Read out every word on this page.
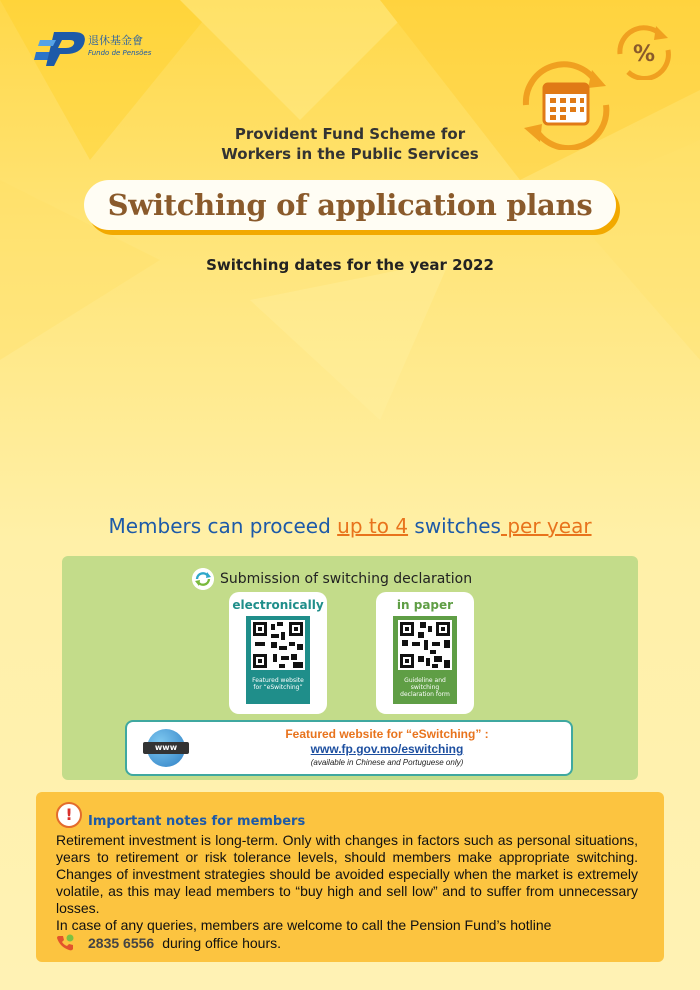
退休基金會
Fundo de Pensões	%
Provident Fund Scheme for
Workers in the Public Services
Switching of application plans
Switching dates for the year 2022
Members can proceed up to 4 switches per year
Submission of switching declaration
electronically
Featured website for “eSwitching”
in paper
Guideline and switching declaration form
www
Featured website for “eSwitching” :
www.fp.gov.mo/eswitching
(available in Chinese and Portuguese only)
!	Important notes for members

Retirement investment is long-term. Only with changes in factors such as personal situations, years to retirement or risk tolerance levels, should members make appropriate switching. Changes of investment strategies should be avoided especially when the market is extremely volatile, as this may lead members to “buy high and sell low” and to suffer from unnecessary losses.

In case of any queries, members are welcome to call the Pension Fund’s hotline

2835 6556 during office hours.
